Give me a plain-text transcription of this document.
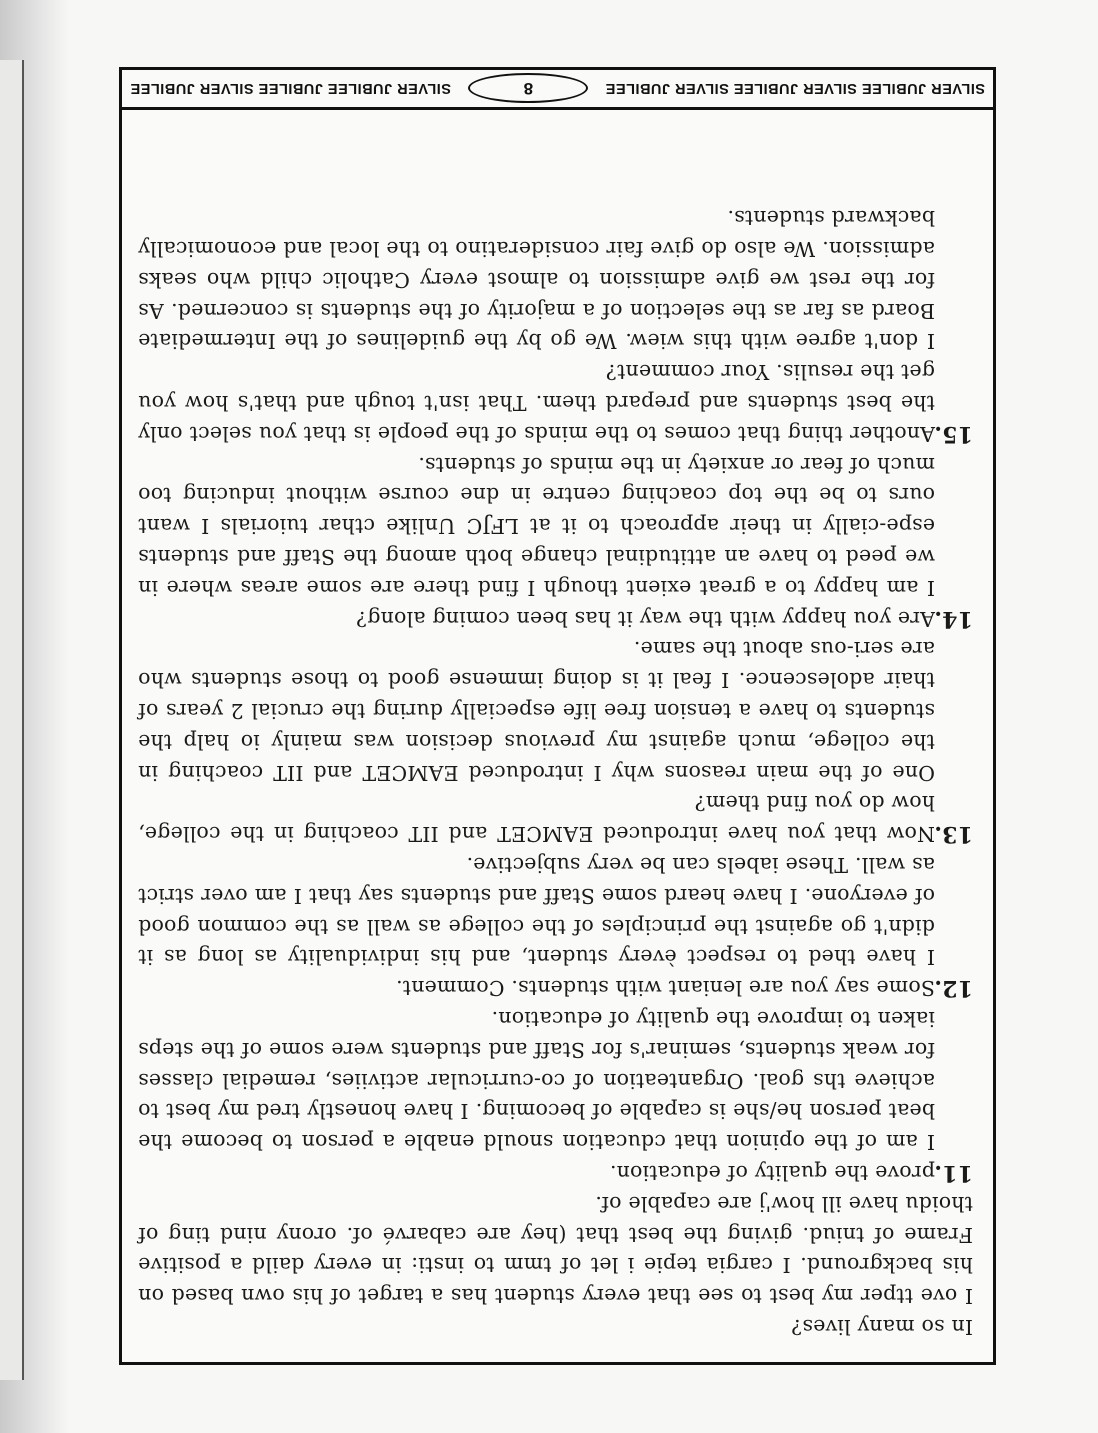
In so many lives?

I ove ttper my best to see that every student has a target of his own based on his background. I cargia tepie i let of tmm to insti: in every daild a positive Frame of tniud. giving the best that (hey are cabarvé of. orony nind ting of thoidu have ill how'j are capable of.

11.

prove the quality of education.

I am of the opinion that cducation snould enable a person to become the beat person he/she is capable of becoming. I have honestly tred my best to achieve ths goal. Organteation of co-curricular activiies, remedial classes for weak students, seminar's for Staff and students were some of the steps iaken to improve the quality of education.

12.

Some say you are leniant with students. Comment.

I have thed to respect èvery student, and his individuality as long as it didn't go against the principles of the college as wall as the common good of everyone. I have heard some Staff and students say that I am over strict as wall. These iabels can be very subjective.

13.

Now that you have introduced EAMCET and IIT coaching in the college, how do you find them?

One of the main reasons why I introduced EAMCET and IIT coaching in the college, much against my previous decision was mainly io halp the students to have a tension free life especially during the crucial 2 years of thair adolescence. I feal it is doing immense good to those students who are seri-ous about the same.

14.

Are you happy with the way it has been coming along?

I am happy to a great exient though I find there are some areas where in we peed to have an attitudinal change both among the Staff and students espe-cially in their approach to it at LFJC Unlike cthar tuiorials I want ours to be the top coaching centre in dne course without inducing too much of fear or anxiety in the minds of students.

15.

Another thing that comes to the minds of the people is that you select only the best students and prepard them. That isn't tough and that's how you get the resulis. Your comment?

I don't agree with this wiew. We go by the guidelines of the Intermediate Board as far as the selection of a majority of the students is concerned. As for the rest we give admission to almost every Catholic child who seaks admission. We also do give fair consideratino to the local and economically backward students.

SILVER JUBILEE SILVER JUBILEE SILVER JUBILEE
8
SILVER JUBILEE JUBILEE SILVER JUBILEE
